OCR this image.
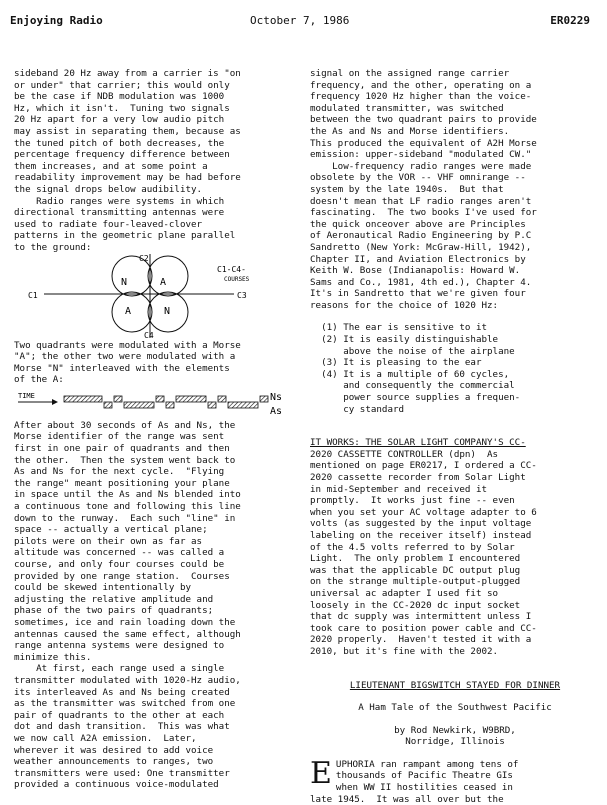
Enjoying Radio	October 7, 1986	ER0229

sideband 20 Hz away from a carrier is "on

or under" that carrier; this would only

be the case if NDB modulation was 1000

Hz, which it isn't.  Tuning two signals

20 Hz apart for a very low audio pitch

may assist in separating them, because as

the tuned pitch of both decreases, the

percentage frequency difference between

them increases, and at some point a

readability improvement may be had before

the signal drops below audibility.

Radio ranges were systems in which

directional transmitting antennas were

used to radiate four-leaved-clover

patterns in the geometric plane parallel

to the ground:

C2
C1	C3
C4
C1-C4-
COURSES
N	A
A	N

Two quadrants were modulated with a Morse

"A"; the other two were modulated with a

Morse "N" interleaved with the elements

of the A:

TIME	Ns
As

After about 30 seconds of As and Ns, the

Morse identifier of the range was sent

first in one pair of quadrants and then

the other.  Then the system went back to

As and Ns for the next cycle.  "Flying

the range" meant positioning your plane

in space until the As and Ns blended into

a continuous tone and following this line

down to the runway.  Each such "line" in

space -- actually a vertical plane;

pilots were on their own as far as

altitude was concerned -- was called a

course, and only four courses could be

provided by one range station.  Courses

could be skewed intentionally by

adjusting the relative amplitude and

phase of the two pairs of quadrants;

sometimes, ice and rain loading down the

antennas caused the same effect, although

range antenna systems were designed to

minimize this.

At first, each range used a single

transmitter modulated with 1020-Hz audio,

its interleaved As and Ns being created

as the transmitter was switched from one

pair of quadrants to the other at each

dot and dash transition.  This was what

we now call A2A emission.  Later,

wherever it was desired to add voice

weather announcements to ranges, two

transmitters were used: One transmitter

provided a continuous voice-modulated

signal on the assigned range carrier

frequency, and the other, operating on a

frequency 1020 Hz higher than the voice-

modulated transmitter, was switched

between the two quadrant pairs to provide

the As and Ns and Morse identifiers.

This produced the equivalent of A2H Morse

emission: upper-sideband "modulated CW."

Low-frequency radio ranges were made

obsolete by the VOR -- VHF omnirange --

system by the late 1940s.  But that

doesn't mean that LF radio ranges aren't

fascinating.  The two books I've used for

the quick onceover above are Principles

of Aeronautical Radio Engineering by P.C

Sandretto (New York: McGraw-Hill, 1942),

Chapter II, and Aviation Electronics by

Keith W. Bose (Indianapolis: Howard W.

Sams and Co., 1981, 4th ed.), Chapter 4.

It's in Sandretto that we're given four

reasons for the choice of 1020 Hz:

(1) The ear is sensitive to it

(2) It is easily distinguishable

above the noise of the airplane

(3) It is pleasing to the ear

(4) It is a multiple of 60 cycles,

and consequently the commercial

power source supplies a frequen-

cy standard

IT WORKS: THE SOLAR LIGHT COMPANY'S CC-

2020 CASSETTE CONTROLLER (dpn)  As

mentioned on page ER0217, I ordered a CC-

2020 cassette recorder from Solar Light

in mid-September and received it

promptly.  It works just fine -- even

when you set your AC voltage adapter to 6

volts (as suggested by the input voltage

labeling on the receiver itself) instead

of the 4.5 volts referred to by Solar

Light.  The only problem I encountered

was that the applicable DC output plug

on the strange multiple-output-plugged

universal ac adapter I used fit so

loosely in the CC-2020 dc input socket

that dc supply was intermittent unless I

took care to position power cable and CC-

2020 properly.  Haven't tested it with a

2010, but it's fine with the 2002.

LIEUTENANT BIGSWITCH STAYED FOR DINNER

A Ham Tale of the Southwest Pacific

by Rod Newkirk, W9BRD,

Norridge, Illinois

E UPHORIA ran rampant among tens of

thousands of Pacific Theatre GIs

when WW II hostilities ceased in

late 1945.  It was all over but the
